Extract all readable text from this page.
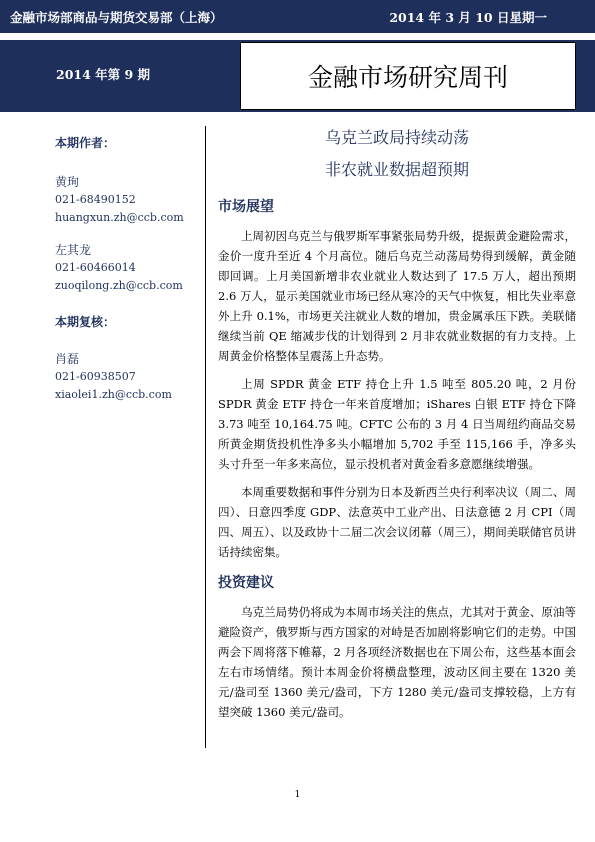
金融市场部商品与期货交易部（上海）	2014 年 3 月 10 日星期一
2014 年第 9 期	金融市场研究周刊
本期作者：
黄珣
021-68490152
huangxun.zh@ccb.com
左其龙
021-60466014
zuoqilong.zh@ccb.com
本期复核：
肖磊
021-60938507
xiaolei1.zh@ccb.com
乌克兰政局持续动荡
非农就业数据超预期
市场展望

上周初因乌克兰与俄罗斯军事紧张局势升级，提振黄金避险需求，金价一度升至近 4 个月高位。随后乌克兰动荡局势得到缓解，黄金随即回调。上月美国新增非农业就业人数达到了 17.5 万人，超出预期 2.6 万人，显示美国就业市场已经从寒冷的天气中恢复，相比失业率意外上升 0.1%，市场更关注就业人数的增加，贵金属承压下跌。美联储继续当前 QE 缩减步伐的计划得到 2 月非农就业数据的有力支持。上周黄金价格整体呈震荡上升态势。

上周 SPDR 黄金 ETF 持仓上升 1.5 吨至 805.20 吨，2 月份 SPDR 黄金 ETF 持仓一年来首度增加；iShares 白银 ETF 持仓下降 3.73 吨至 10,164.75 吨。CFTC 公布的 3 月 4 日当周纽约商品交易所黄金期货投机性净多头小幅增加 5,702 手至 115,166 手，净多头头寸升至一年多来高位，显示投机者对黄金看多意愿继续增强。

本周重要数据和事件分别为日本及新西兰央行利率决议（周二、周四）、日意四季度 GDP、法意英中工业产出、日法意德 2 月 CPI（周四、周五）、以及政协十二届二次会议闭幕（周三），期间美联储官员讲话持续密集。

投资建议

乌克兰局势仍将成为本周市场关注的焦点，尤其对于黄金、原油等避险资产，俄罗斯与西方国家的对峙是否加剧将影响它们的走势。中国两会下周将落下帷幕，2 月各项经济数据也在下周公布，这些基本面会左右市场情绪。预计本周金价将横盘整理，波动区间主要在 1320 美元/盎司至 1360 美元/盎司，下方 1280 美元/盎司支撑较稳，上方有望突破 1360 美元/盎司。

1
